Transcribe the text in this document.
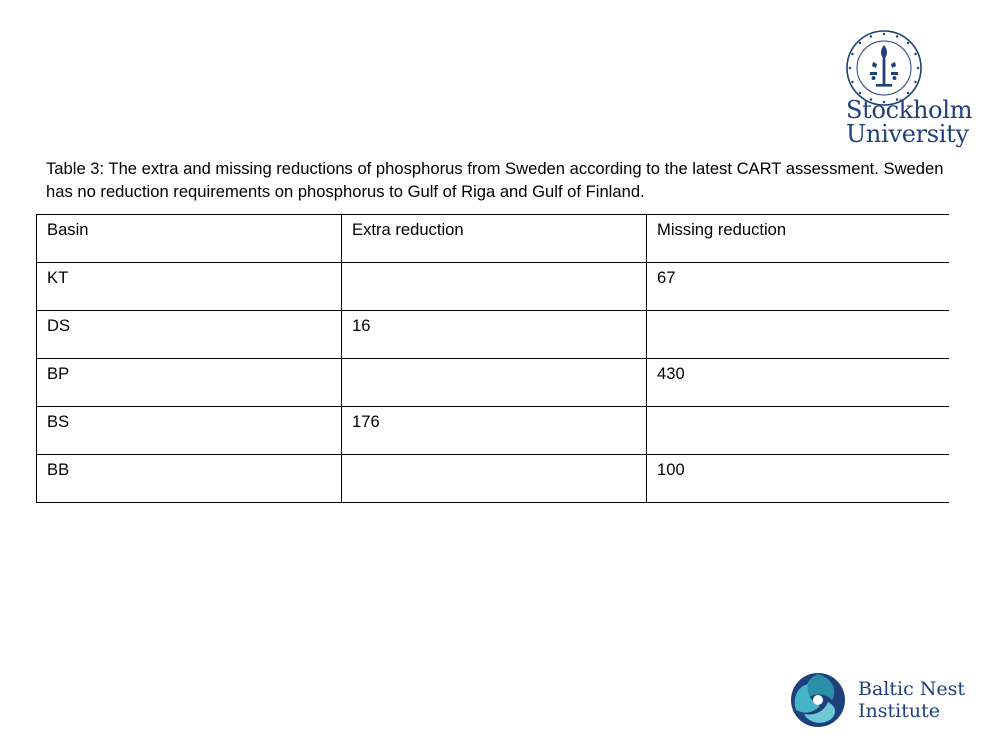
Stockholm
University

Table 3: The extra and missing reductions of phosphorus from Sweden according to the latest CART assessment. Sweden has no reduction requirements on phosphorus to Gulf of Riga and Gulf of Finland.

Basin	Extra reduction	Missing reduction
KT		67
DS	16	
BP		430
BS	176	
BB		100
Baltic Nest
Institute
